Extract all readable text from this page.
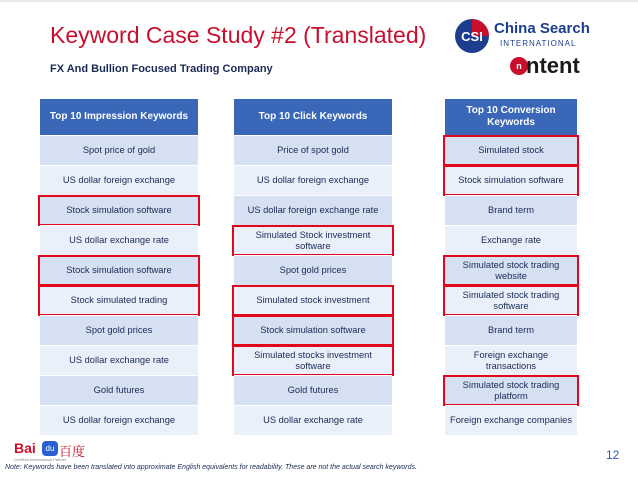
Keyword Case Study #2 (Translated)
FX And Bullion Focused Trading Company
CSI China Search
INTERNATIONAL
n ntent
Top 10 Impression Keywords
Spot price of gold
US dollar foreign exchange
Stock simulation software
US dollar exchange rate
Stock simulation software
Stock simulated trading
Spot gold prices
US dollar exchange rate
Gold futures
US dollar foreign exchange
Top 10 Click Keywords
Price of spot gold
US dollar foreign exchange
US dollar foreign exchange rate
Simulated Stock investment software
Spot gold prices
Simulated stock investment
Stock simulation software
Simulated stocks investment software
Gold futures
US dollar exchange rate
Top 10 Conversion Keywords
Simulated stock
Stock simulation software
Brand term
Exchange rate
Simulated stock trading website
Simulated stock trading software
Brand term
Foreign exchange transactions
Simulated stock trading platform
Foreign exchange companies
Bai	du 百度
Certified International Partner	12
Note: Keywords have been translated into approximate English equivalents for readability. These are not the actual search keywords.
